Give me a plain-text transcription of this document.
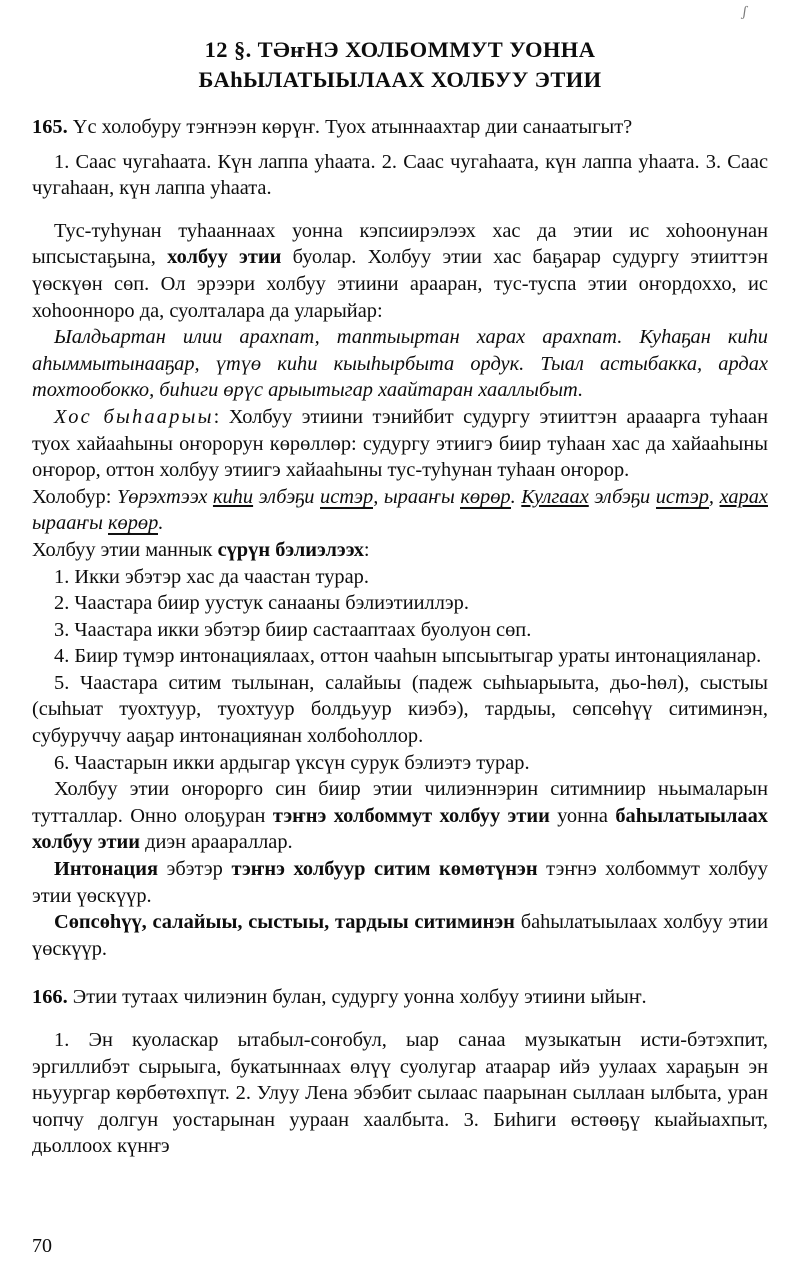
ʃ
12 §. ТӘҥНЭ ХОЛБОММУТ УОННА
БАһЫЛАТЫЫЛААХ ХОЛБУУ ЭТИИ

165. Үс холобуру тэҥнээн көрүҥ. Туох атыннаахтар дии санаатыгыт?

1. Саас чугаһаата. Күн лаппа уһаата. 2. Саас чугаһаата, күн лаппа уһаата. 3. Саас чугаһаан, күн лаппа уһаата.

Тус-туһунан туһааннаах уонна кэпсиирэлээх хас да этии ис хоһоонунан ыпсыстаҕына, холбуу этии буолар. Холбуу этии хас баҕарар судургу этииттэн үөскүөн сөп. Ол эрээри холбуу этиини арааран, тус-туспа этии оҥордоххо, ис хоһоонноро да, суолталара да уларыйар:

Ыалдьартан илии арахпат, таптыыртан харах арахпат. Куһаҕан киһи аһыммытынааҕар, үтүө киһи кыыһырбыта ордук. Тыал астыбакка, ардах тохтообокко, биһиги өрүс арыытыгар хаайтаран хааллыбыт.

Хос быһаарыы: Холбуу этиини тэнийбит судургу этииттэн арааарга туһаан туох хайааһыны оҥорорун көрөллөр: судургу этиигэ биир туһаан хас да хайааһыны оҥорор, оттон холбуу этиигэ хайааһыны тус-туһунан туһаан оҥорор.

Холобур: Үөрэхтээх киһи элбэҕи истэр, ырааҥы көрөр. Кулгаах элбэҕи истэр, харах ырааҥы көрөр.

Холбуу этии маннык сүрүн бэлиэлээх:

1. Икки эбэтэр хас да чаастан турар.

2. Чаастара биир уустук санааны бэлиэтииллэр.

3. Чаастара икки эбэтэр биир састааптаах буолуон сөп.

4. Биир түмэр интонациялаах, оттон чааһын ыпсыытыгар ураты интонацияланар.

5. Чаастара ситим тылынан, салайыы (падеж сыһыарыыта, дьо-һөл), сыстыы (сыһыат туохтуур, туохтуур болдьуур киэбэ), тардыы, сөпсөһүү ситиминэн, субуруччу ааҕар интонациянан холбоһоллор.

6. Чаастарын икки ардыгар үксүн сурук бэлиэтэ турар.

Холбуу этии оҥорорго син биир этии чилиэннэрин ситимниир ньымаларын тутталлар. Онно олоҕуран тэҥнэ холбоммут холбуу этии уонна баһылатыылаах холбуу этии диэн араараллар.

Интонация эбэтэр тэҥнэ холбуур ситим көмөтүнэн тэҥнэ холбоммут холбуу этии үөскүүр.

Сөпсөһүү, салайыы, сыстыы, тардыы ситиминэн баһылатыылаах холбуу этии үөскүүр.

166. Этии тутаах чилиэнин булан, судургу уонна холбуу этиини ыйыҥ.

1. Эн куоласкар ытабыл-соҥобул, ыар санаа музыкатын исти-бэтэхпит, эргиллибэт сырыыга, букатыннаах өлүү суолугар атаарар ийэ уулаах хараҕын эн ньуургар көрбөтөхпүт. 2. Улуу Лена эбэбит сылаас паарынан сыллаан ылбыта, уран чопчу долгун уостарынан уураан хаалбыта. 3. Биһиги өстөөҕү кыайыахпыт, дьоллоох күнҥэ

70
